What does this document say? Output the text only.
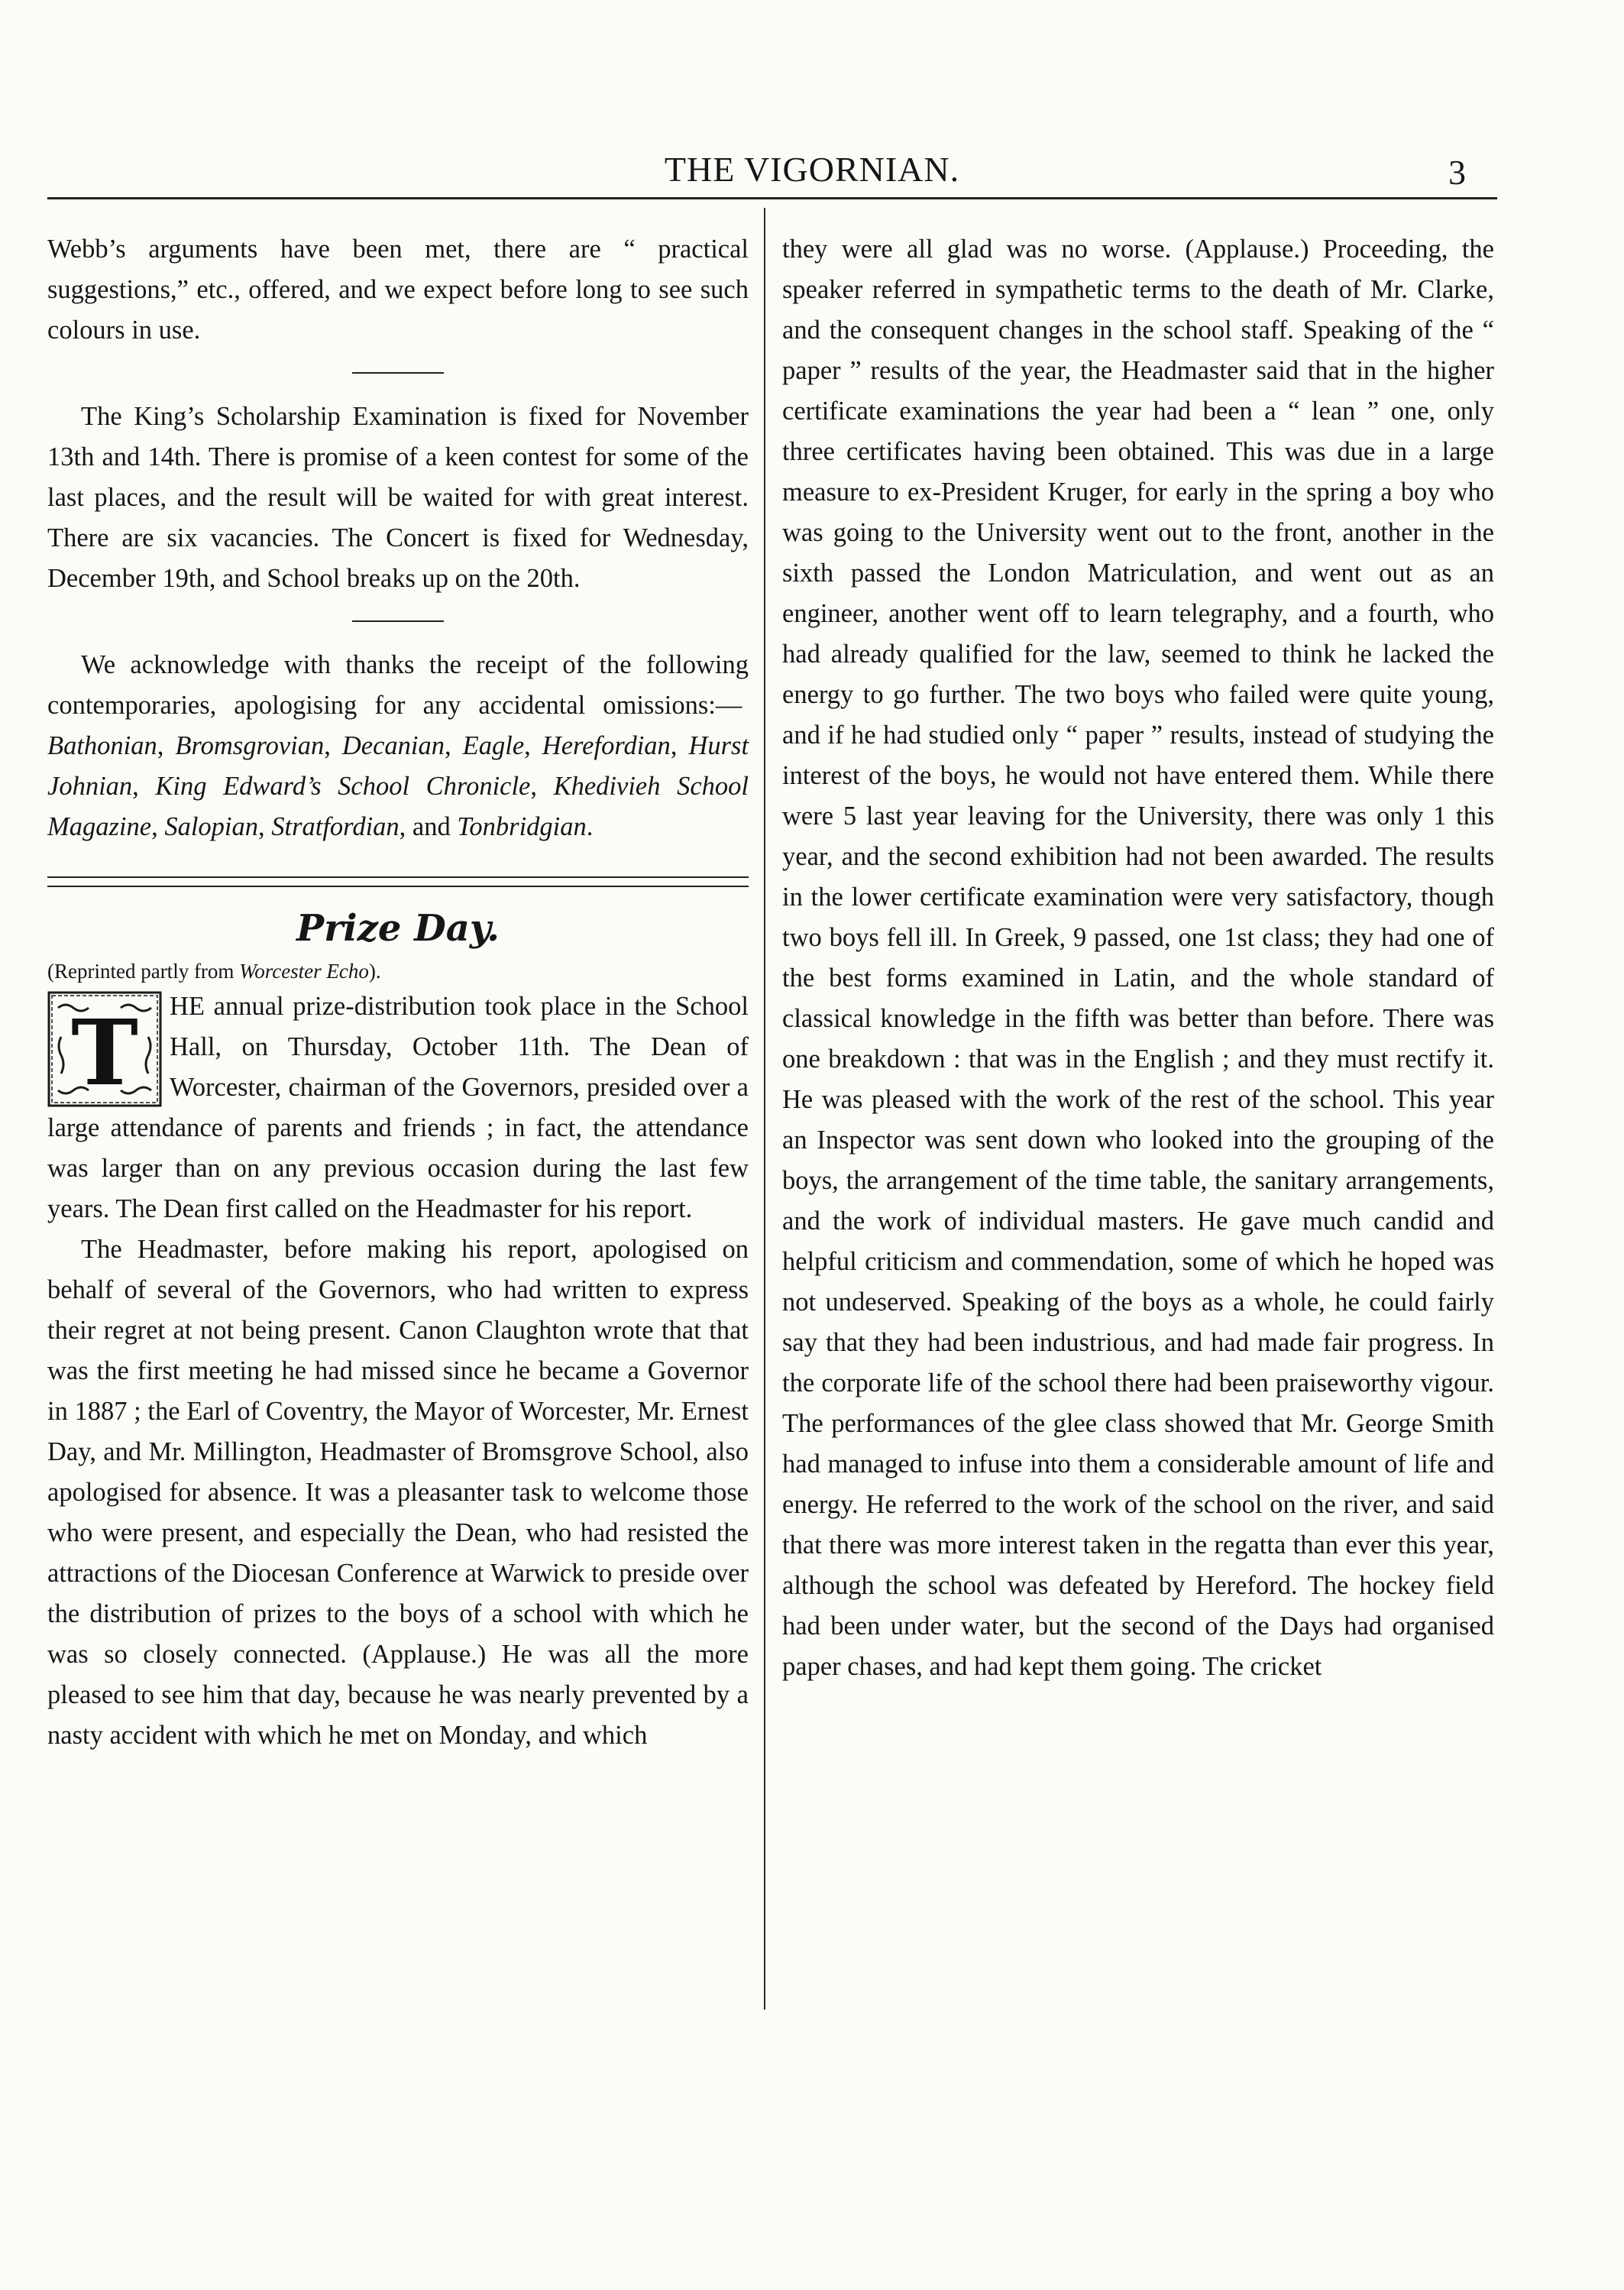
THE VIGORNIAN.	3

Webb’s arguments have been met, there are “ practical suggestions,” etc., offered, and we expect before long to see such colours in use.

The King’s Scholarship Examination is fixed for November 13th and 14th. There is promise of a keen contest for some of the last places, and the result will be waited for with great interest. There are six vacancies. The Concert is fixed for Wednesday, December 19th, and School breaks up on the 20th.

We acknowledge with thanks the receipt of the following contemporaries, apologising for any accidental omissions:—  Bathonian, Bromsgrovian, Decanian, Eagle, Herefordian, Hurst Johnian, King Edward’s School Chronicle, Khedivieh School Magazine, Salopian, Stratfordian, and Tonbridgian.

Prize Day.

(Reprinted partly from Worcester Echo).

T HE annual prize-distribution took place in the School Hall, on Thursday, October 11th. The Dean of Worcester, chairman of the Governors, presided over a large attendance of parents and friends ; in fact, the attendance was larger than on any previous occasion during the last few years. The Dean first called on the Headmaster for his report.

The Headmaster, before making his report, apologised on behalf of several of the Governors, who had written to express their regret at not being present. Canon Claughton wrote that that was the first meeting he had missed since he became a Governor in 1887 ; the Earl of Coventry, the Mayor of Worcester, Mr. Ernest Day, and Mr. Millington, Headmaster of Bromsgrove School, also apologised for absence. It was a pleasanter task to welcome those who were present, and especially the Dean, who had resisted the attractions of the Diocesan Conference at Warwick to preside over the distribution of prizes to the boys of a school with which he was so closely connected. (Applause.) He was all the more pleased to see him that day, because he was nearly prevented by a nasty accident with which he met on Monday, and which

they were all glad was no worse. (Applause.) Proceeding, the speaker referred in sympathetic terms to the death of Mr. Clarke, and the consequent changes in the school staff. Speaking of the “ paper ” results of the year, the Headmaster said that in the higher certificate examinations the year had been a “ lean ” one, only three certificates having been obtained. This was due in a large measure to ex-President Kruger, for early in the spring a boy who was going to the University went out to the front, another in the sixth passed the London Matriculation, and went out as an engineer, another went off to learn telegraphy, and a fourth, who had already qualified for the law, seemed to think he lacked the energy to go further. The two boys who failed were quite young, and if he had studied only “ paper ” results, instead of studying the interest of the boys, he would not have entered them. While there were 5 last year leaving for the University, there was only 1 this year, and the second exhibition had not been awarded. The results in the lower certificate examination were very satisfactory, though two boys fell ill. In Greek, 9 passed, one 1st class; they had one of the best forms examined in Latin, and the whole standard of classical knowledge in the fifth was better than before. There was one breakdown : that was in the English ; and they must rectify it. He was pleased with the work of the rest of the school. This year an Inspector was sent down who looked into the grouping of the boys, the arrangement of the time table, the sanitary arrangements, and the work of individual masters. He gave much candid and helpful criticism and commendation, some of which he hoped was not undeserved. Speaking of the boys as a whole, he could fairly say that they had been industrious, and had made fair progress. In the corporate life of the school there had been praiseworthy vigour. The performances of the glee class showed that Mr. George Smith had managed to infuse into them a considerable amount of life and energy. He referred to the work of the school on the river, and said that there was more interest taken in the regatta than ever this year, although the school was defeated by Hereford. The hockey field had been under water, but the second of the Days had organised paper chases, and had kept them going. The cricket
